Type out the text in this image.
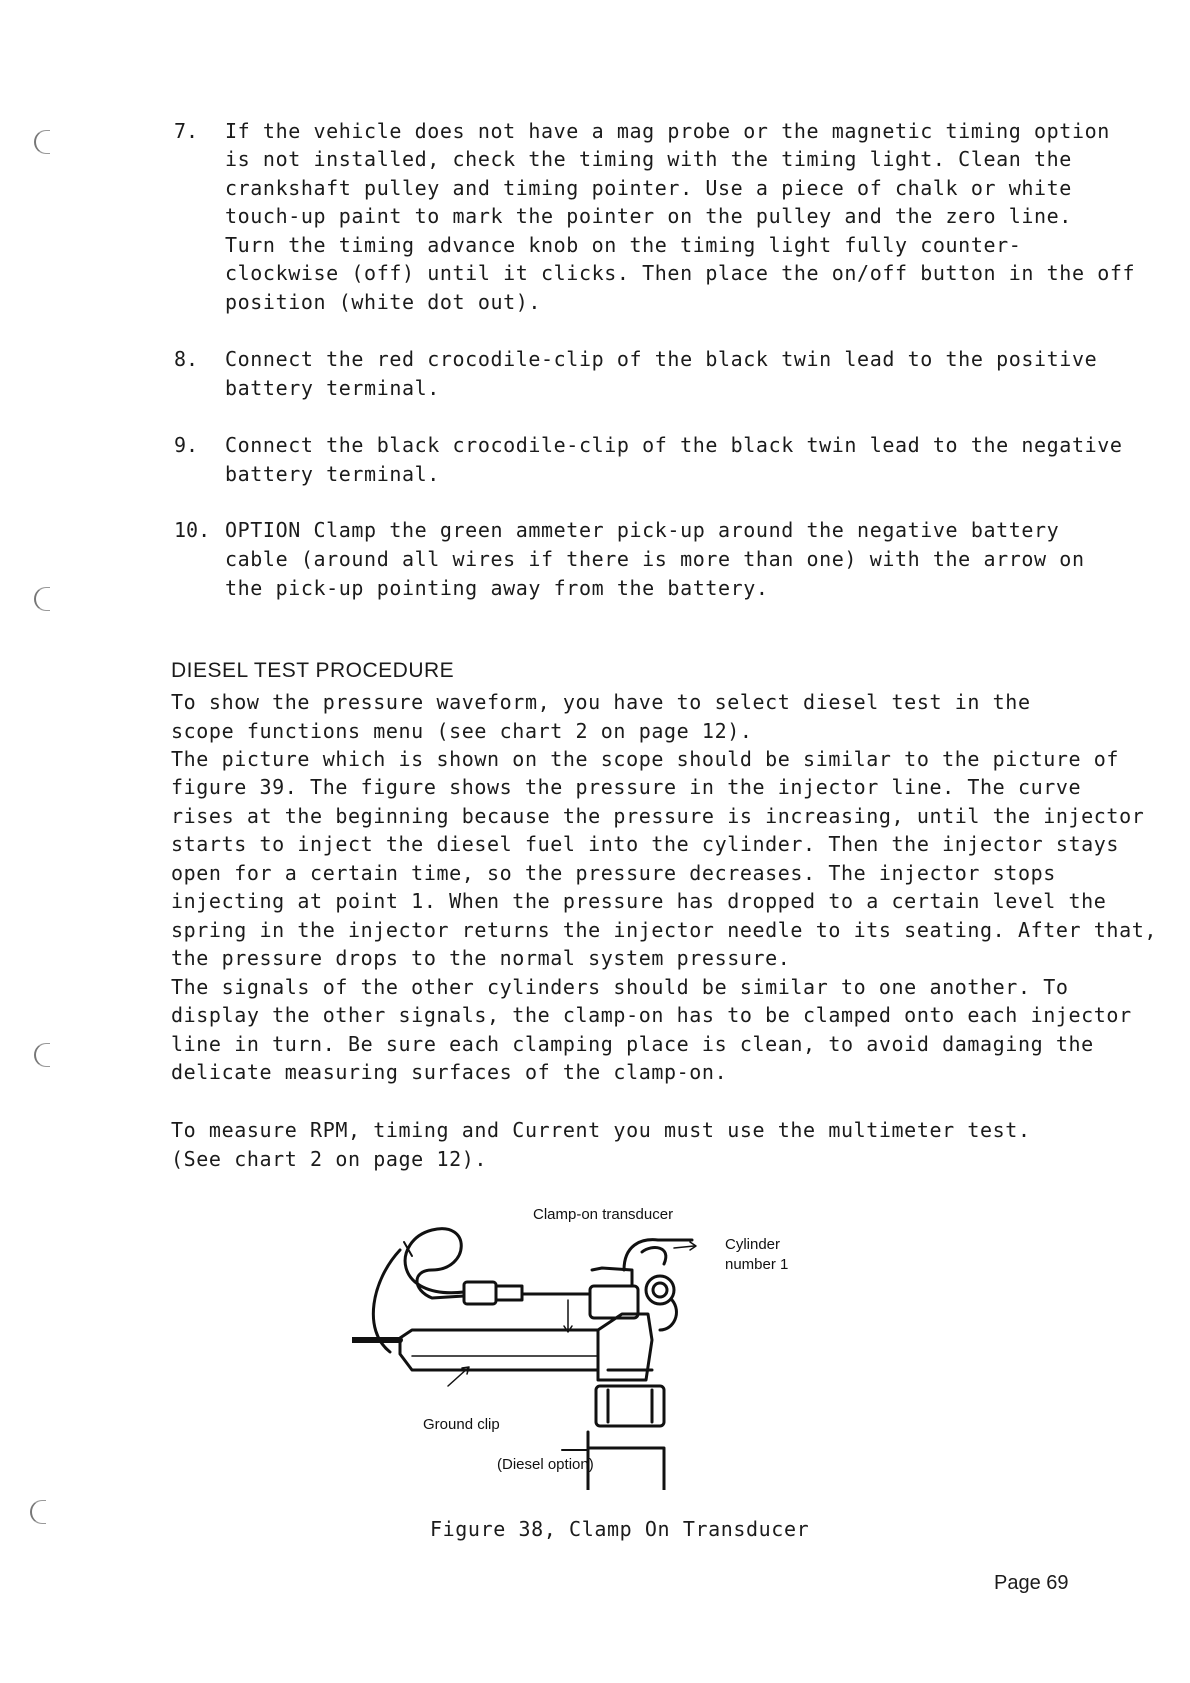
7. If the vehicle does not have a mag probe or the magnetic timing option
is not installed, check the timing with the timing light. Clean the
crankshaft pulley and timing pointer. Use a piece of chalk or white
touch-up paint to mark the pointer on the pulley and the zero line.
Turn the timing advance knob on the timing light fully counter-
clockwise (off) until it clicks. Then place the on/off button in the off
position (white dot out).
8. Connect the red crocodile-clip of the black twin lead to the positive
battery terminal.
9. Connect the black crocodile-clip of the black twin lead to the negative
battery terminal.
10. OPTION Clamp the green ammeter pick-up around the negative battery
cable (around all wires if there is more than one) with the arrow on
the pick-up pointing away from the battery.
DIESEL TEST PROCEDURE
To show the pressure waveform, you have to select diesel test in the
scope functions menu (see chart 2 on page 12).
The picture which is shown on the scope should be similar to the picture of
figure 39. The figure shows the pressure in the injector line. The curve
rises at the beginning because the pressure is increasing, until the injector
starts to inject the diesel fuel into the cylinder. Then the injector stays
open for a certain time, so the pressure decreases. The injector stops
injecting at point 1. When the pressure has dropped to a certain level the
spring in the injector returns the injector needle to its seating. After that,
the pressure drops to the normal system pressure.
The signals of the other cylinders should be similar to one another. To
display the other signals, the clamp-on has to be clamped onto each injector
line in turn. Be sure each clamping place is clean, to avoid damaging the
delicate measuring surfaces of the clamp-on.
To measure RPM, timing and Current you must use the multimeter test.
(See chart 2 on page 12).
Clamp-on transducer
Cylinder
number 1
Ground clip
(Diesel option)
Figure 38, Clamp On Transducer
Page 69
